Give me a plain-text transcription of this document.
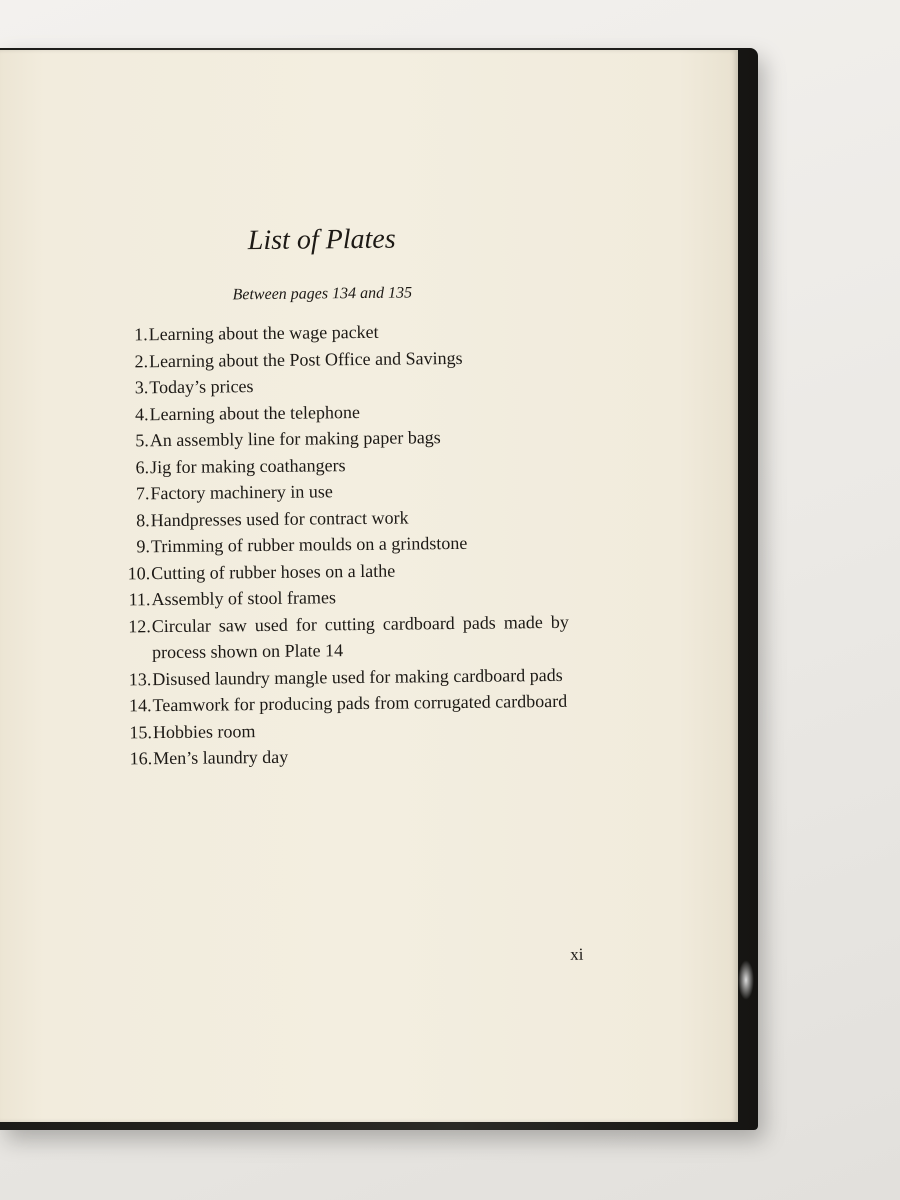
List of Plates
Between pages 134 and 135
1. Learning about the wage packet
2. Learning about the Post Office and Savings
3. Today’s prices
4. Learning about the telephone
5. An assembly line for making paper bags
6. Jig for making coathangers
7. Factory machinery in use
8. Handpresses used for contract work
9. Trimming of rubber moulds on a grindstone
10. Cutting of rubber hoses on a lathe
11. Assembly of stool frames
12. Circular saw used for cutting cardboard pads made by process shown on Plate 14
13. Disused laundry mangle used for making cardboard pads
14. Teamwork for producing pads from corrugated cardboard
15. Hobbies room
16. Men’s laundry day
xi
